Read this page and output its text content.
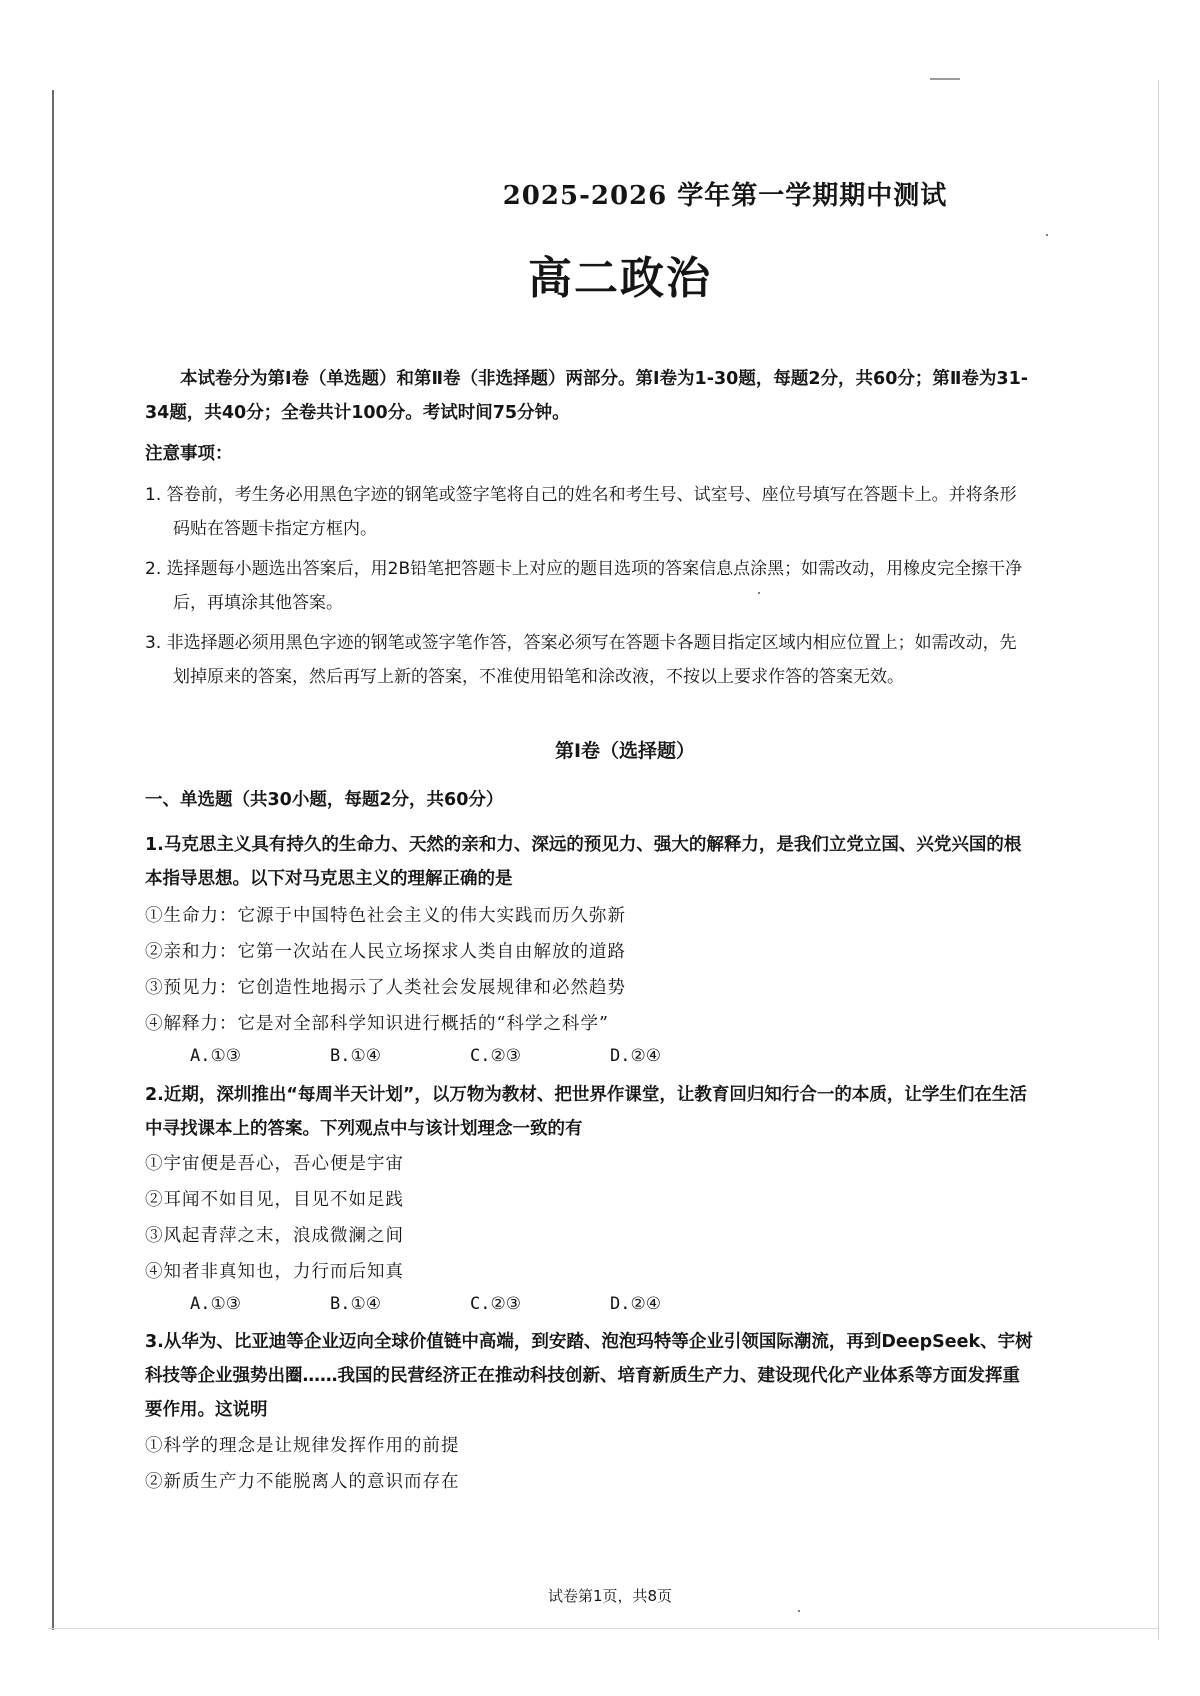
2025-2026 学年第一学期期中测试
高二政治
本试卷分为第Ⅰ卷（单选题）和第Ⅱ卷（非选择题）两部分。第Ⅰ卷为1-30题，每题2分，共60分；第Ⅱ卷为31-34题，共40分；全卷共计100分。考试时间75分钟。
注意事项：
1. 答卷前，考生务必用黑色字迹的钢笔或签字笔将自己的姓名和考生号、试室号、座位号填写在答题卡上。并将条形码贴在答题卡指定方框内。
2. 选择题每小题选出答案后，用2B铅笔把答题卡上对应的题目选项的答案信息点涂黑；如需改动，用橡皮完全擦干净后，再填涂其他答案。
3. 非选择题必须用黑色字迹的钢笔或签字笔作答，答案必须写在答题卡各题目指定区域内相应位置上；如需改动，先划掉原来的答案，然后再写上新的答案，不准使用铅笔和涂改液，不按以上要求作答的答案无效。
第Ⅰ卷（选择题）
一、单选题（共30小题，每题2分，共60分）
1.马克思主义具有持久的生命力、天然的亲和力、深远的预见力、强大的解释力，是我们立党立国、兴党兴国的根本指导思想。以下对马克思主义的理解正确的是
①生命力：它源于中国特色社会主义的伟大实践而历久弥新
②亲和力：它第一次站在人民立场探求人类自由解放的道路
③预见力：它创造性地揭示了人类社会发展规律和必然趋势
④解释力：它是对全部科学知识进行概括的“科学之科学”
A.①③	B.①④	C.②③	D.②④
2.近期，深圳推出“每周半天计划”，以万物为教材、把世界作课堂，让教育回归知行合一的本质，让学生们在生活中寻找课本上的答案。下列观点中与该计划理念一致的有
①宇宙便是吾心，吾心便是宇宙
②耳闻不如目见，目见不如足践
③风起青萍之末，浪成微澜之间
④知者非真知也，力行而后知真
A.①③	B.①④	C.②③	D.②④
3.从华为、比亚迪等企业迈向全球价值链中高端，到安踏、泡泡玛特等企业引领国际潮流，再到DeepSeek、宇树科技等企业强势出圈……我国的民营经济正在推动科技创新、培育新质生产力、建设现代化产业体系等方面发挥重要作用。这说明
①科学的理念是让规律发挥作用的前提
②新质生产力不能脱离人的意识而存在
试卷第1页，共8页
